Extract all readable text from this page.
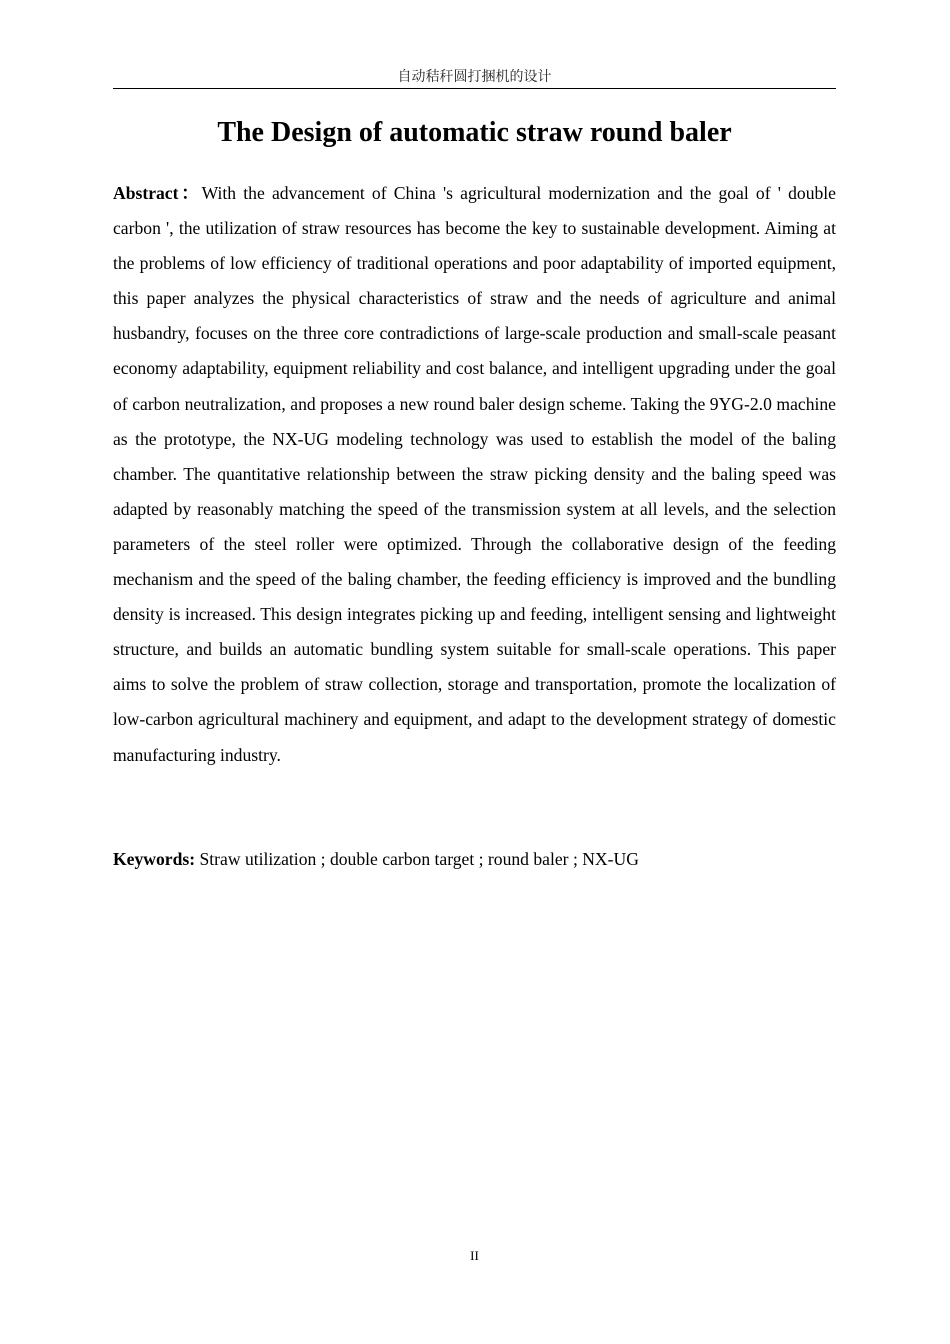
自动秸秆圆打捆机的设计
The Design of automatic straw round baler

Abstract：With the advancement of China 's agricultural modernization and the goal of ' double carbon ', the utilization of straw resources has become the key to sustainable development. Aiming at the problems of low efficiency of traditional operations and poor adaptability of imported equipment, this paper analyzes the physical characteristics of straw and the needs of agriculture and animal husbandry, focuses on the three core contradictions of large-scale production and small-scale peasant economy adaptability, equipment reliability and cost balance, and intelligent upgrading under the goal of carbon neutralization, and proposes a new round baler design scheme. Taking the 9YG-2.0 machine as the prototype, the NX-UG modeling technology was used to establish the model of the baling chamber. The quantitative relationship between the straw picking density and the baling speed was adapted by reasonably matching the speed of the transmission system at all levels, and the selection parameters of the steel roller were optimized. Through the collaborative design of the feeding mechanism and the speed of the baling chamber, the feeding efficiency is improved and the bundling density is increased. This design integrates picking up and feeding, intelligent sensing and lightweight structure, and builds an automatic bundling system suitable for small-scale operations. This paper aims to solve the problem of straw collection, storage and transportation, promote the localization of low-carbon agricultural machinery and equipment, and adapt to the development strategy of domestic manufacturing industry.

Keywords: Straw utilization ; double carbon target ; round baler ; NX-UG

II
